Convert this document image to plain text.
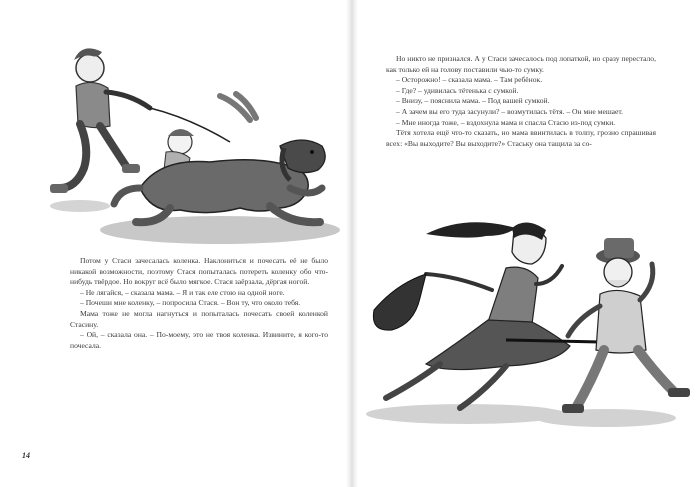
Потом у Стаси зачесалась коленка. Наклониться и почесать её не было никакой возможности, поэтому Стася попыталась потереть коленку обо что-нибудь твёрдое. Но вокруг всё было мягкое. Стася заёрзала, дёргая ногой.

– Не лягайся, – сказала мама. – Я и так еле стою на одной ноге.

– Почеши мне коленку, – попросила Стася. – Вон ту, что около тебя.

Мама тоже не могла нагнуться и попыталась почесать своей коленкой Стасину.

– Ой, – сказала она. – По-моему, это не твоя коленка. Извините, я кого-то почесала.

14

Но никто не признался. А у Стаси зачесалось под лопаткой, но сразу перестало, как только ей на голову поставили чью-то сумку.

– Осторожно! – сказала мама. – Там ребёнок.

– Где? – удивилась тётенька с сумкой.

– Внизу, – пояснила мама. – Под вашей сумкой.

– А зачем вы его туда засунули? – возмутилась тётя. – Он мне мешает.

– Мне иногда тоже, – вздохнула мама и спасла Стасю из-под сумки.

Тётя хотела ещё что-то сказать, но мама ввинтилась в толпу, грозно спрашивая всех: «Вы выходите? Вы выходите?» Стаську она тащила за со-
